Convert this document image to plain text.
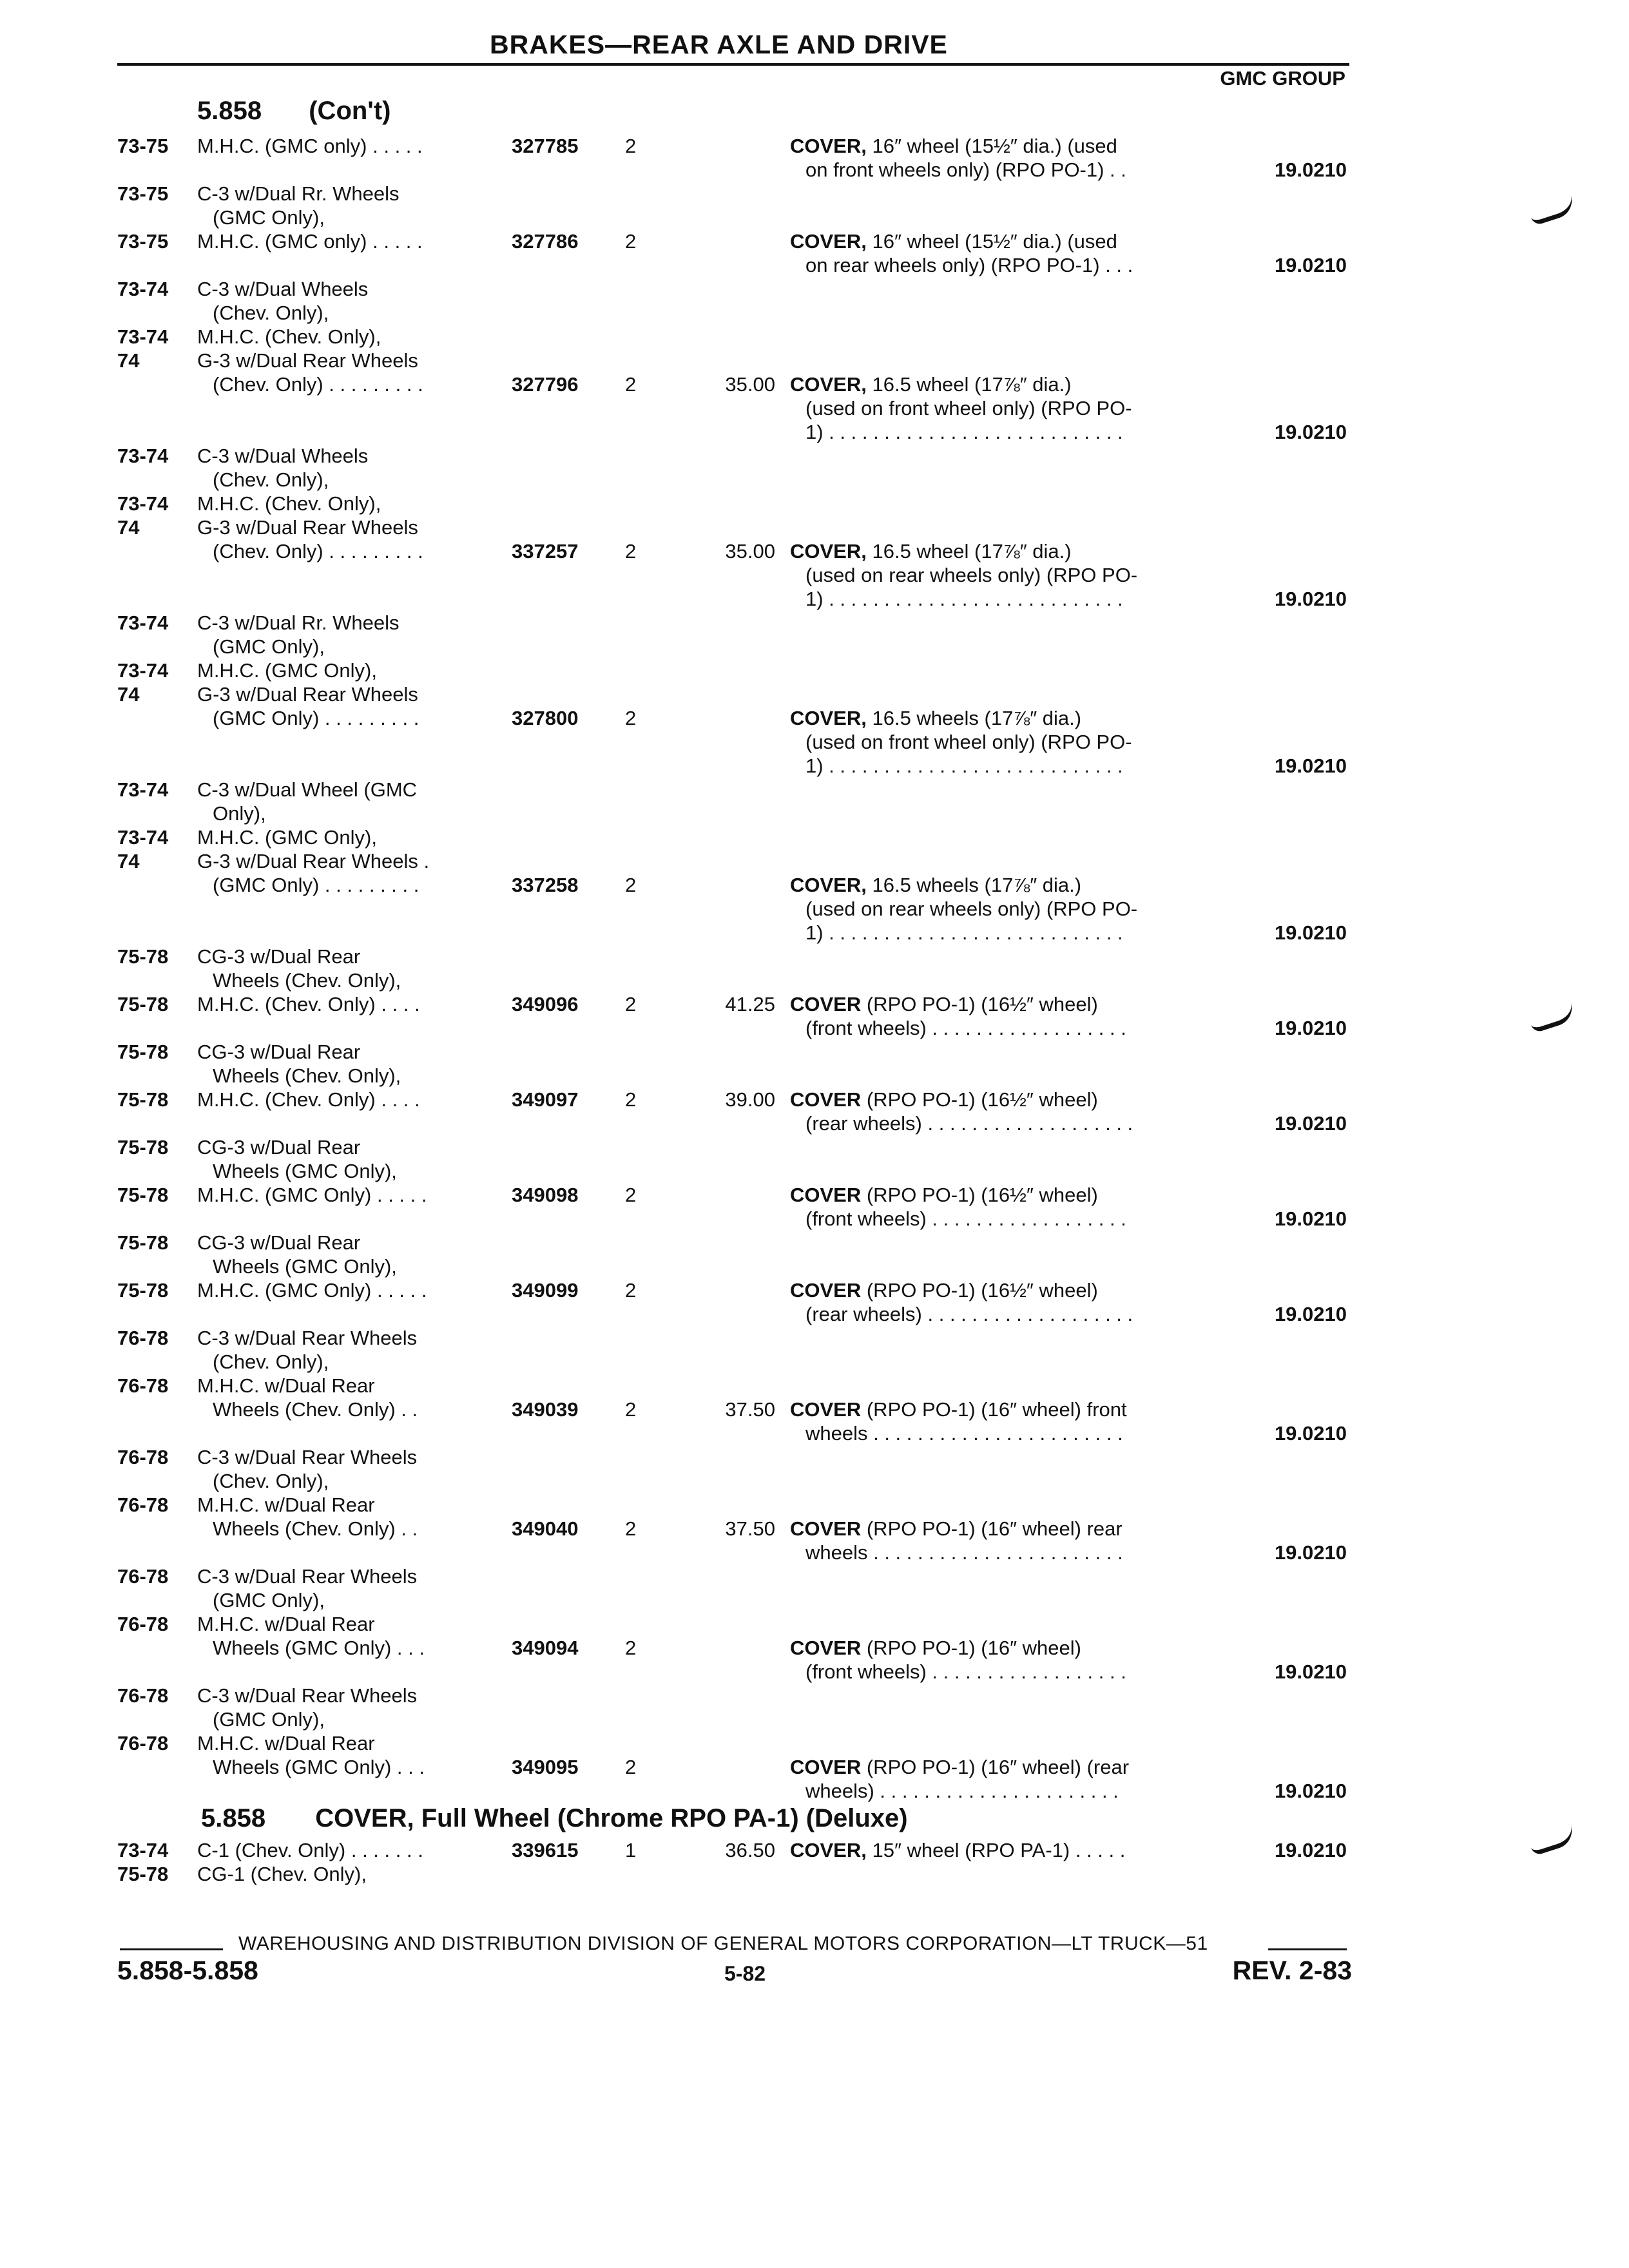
BRAKES—REAR AXLE AND DRIVE
GMC GROUP
5.858 (Con't)
73-75 M.H.C. (GMC only) . . . . .	327785 2	COVER, 16″ wheel (15½″ dia.) (used
on front wheels only) (RPO PO-1) . .	19.0210
73-75 C-3 w/Dual Rr. Wheels
(GMC Only),
73-75 M.H.C. (GMC only) . . . . .	327786 2	COVER, 16″ wheel (15½″ dia.) (used
on rear wheels only) (RPO PO-1) . . .	19.0210
73-74 C-3 w/Dual Wheels
(Chev. Only),
73-74 M.H.C. (Chev. Only),
74	G-3 w/Dual Rear Wheels
(Chev. Only) . . . . . . . . .	327796 2	35.00 COVER, 16.5 wheel (17⅞″ dia.)
(used on front wheel only) (RPO PO-
1) . . . . . . . . . . . . . . . . . . . . . . . . . . .	19.0210
73-74 C-3 w/Dual Wheels
(Chev. Only),
73-74 M.H.C. (Chev. Only),
74	G-3 w/Dual Rear Wheels
(Chev. Only) . . . . . . . . .	337257 2	35.00 COVER, 16.5 wheel (17⅞″ dia.)
(used on rear wheels only) (RPO PO-
1) . . . . . . . . . . . . . . . . . . . . . . . . . . .	19.0210
73-74 C-3 w/Dual Rr. Wheels
(GMC Only),
73-74 M.H.C. (GMC Only),
74	G-3 w/Dual Rear Wheels
(GMC Only) . . . . . . . . .	327800 2	COVER, 16.5 wheels (17⅞″ dia.)
(used on front wheel only) (RPO PO-
1) . . . . . . . . . . . . . . . . . . . . . . . . . . .	19.0210
73-74 C-3 w/Dual Wheel (GMC
Only),
73-74 M.H.C. (GMC Only),
74	G-3 w/Dual Rear Wheels .
(GMC Only) . . . . . . . . .	337258 2	COVER, 16.5 wheels (17⅞″ dia.)
(used on rear wheels only) (RPO PO-
1) . . . . . . . . . . . . . . . . . . . . . . . . . . .	19.0210
75-78 CG-3 w/Dual Rear
Wheels (Chev. Only),
75-78 M.H.C. (Chev. Only) . . . .	349096 2	41.25 COVER (RPO PO-1) (16½″ wheel)
(front wheels) . . . . . . . . . . . . . . . . . .	19.0210
75-78 CG-3 w/Dual Rear
Wheels (Chev. Only),
75-78 M.H.C. (Chev. Only) . . . .	349097 2	39.00 COVER (RPO PO-1) (16½″ wheel)
(rear wheels) . . . . . . . . . . . . . . . . . . .	19.0210
75-78 CG-3 w/Dual Rear
Wheels (GMC Only),
75-78 M.H.C. (GMC Only) . . . . .	349098 2	COVER (RPO PO-1) (16½″ wheel)
(front wheels) . . . . . . . . . . . . . . . . . .	19.0210
75-78 CG-3 w/Dual Rear
Wheels (GMC Only),
75-78 M.H.C. (GMC Only) . . . . .	349099 2	COVER (RPO PO-1) (16½″ wheel)
(rear wheels) . . . . . . . . . . . . . . . . . . .	19.0210
76-78 C-3 w/Dual Rear Wheels
(Chev. Only),
76-78 M.H.C. w/Dual Rear
Wheels (Chev. Only) . .	349039 2	37.50 COVER (RPO PO-1) (16″ wheel) front
wheels . . . . . . . . . . . . . . . . . . . . . . .	19.0210
76-78 C-3 w/Dual Rear Wheels
(Chev. Only),
76-78 M.H.C. w/Dual Rear
Wheels (Chev. Only) . .	349040 2	37.50 COVER (RPO PO-1) (16″ wheel) rear
wheels . . . . . . . . . . . . . . . . . . . . . . .	19.0210
76-78 C-3 w/Dual Rear Wheels
(GMC Only),
76-78 M.H.C. w/Dual Rear
Wheels (GMC Only) . . .	349094 2	COVER (RPO PO-1) (16″ wheel)
(front wheels) . . . . . . . . . . . . . . . . . .	19.0210
76-78 C-3 w/Dual Rear Wheels
(GMC Only),
76-78 M.H.C. w/Dual Rear
Wheels (GMC Only) . . .	349095 2	COVER (RPO PO-1) (16″ wheel) (rear
wheels) . . . . . . . . . . . . . . . . . . . . . .	19.0210
73-74 C-1 (Chev. Only) . . . . . . .	339615 1	36.50 COVER, 15″ wheel (RPO PA-1) . . . . .	19.0210
75-78 CG-1 (Chev. Only),
5.858 COVER, Full Wheel (Chrome RPO PA-1) (Deluxe)
WAREHOUSING AND DISTRIBUTION DIVISION OF GENERAL MOTORS CORPORATION—LT TRUCK—51
5.858-5.858	5-82	REV. 2-83
